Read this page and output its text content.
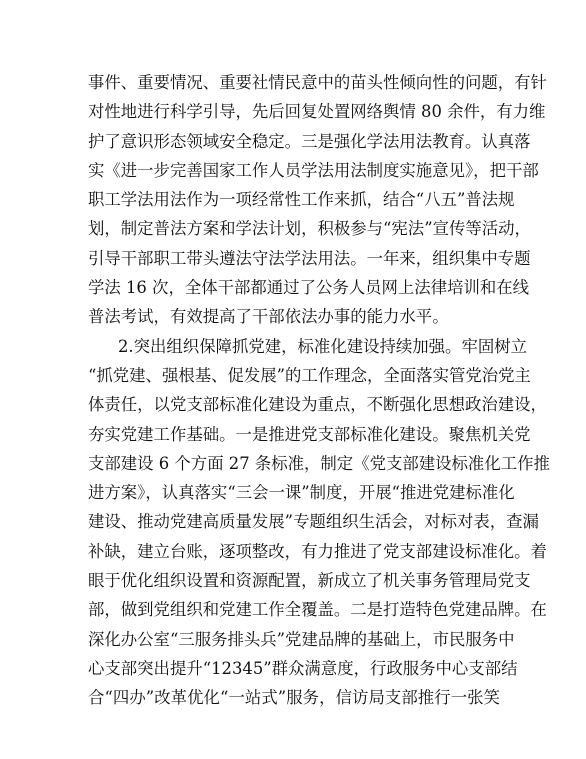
事件、重要情况、重要社情民意中的苗头性倾向性的问题，有针
对性地进行科学引导，先后回复处置网络舆情 80 余件，有力维
护了意识形态领域安全稳定。三是强化学法用法教育。认真落
实《进一步完善国家工作人员学法用法制度实施意见》，把干部
职工学法用法作为一项经常性工作来抓，结合“八五”普法规
划，制定普法方案和学法计划，积极参与“宪法”宣传等活动，
引导干部职工带头遵法守法学法用法。一年来，组织集中专题
学法 16 次，全体干部都通过了公务人员网上法律培训和在线
普法考试，有效提高了干部依法办事的能力水平。
2.突出组织保障抓党建，标准化建设持续加强。牢固树立
“抓党建、强根基、促发展”的工作理念，全面落实管党治党主
体责任，以党支部标准化建设为重点，不断强化思想政治建设，
夯实党建工作基础。一是推进党支部标准化建设。聚焦机关党
支部建设 6 个方面 27 条标准，制定《党支部建设标准化工作推
进方案》，认真落实“三会一课”制度，开展“推进党建标准化
建设、推动党建高质量发展”专题组织生活会，对标对表，查漏
补缺，建立台账，逐项整改，有力推进了党支部建设标准化。着
眼于优化组织设置和资源配置，新成立了机关事务管理局党支
部，做到党组织和党建工作全覆盖。二是打造特色党建品牌。在
深化办公室“三服务排头兵”党建品牌的基础上，市民服务中
心支部突出提升“12345”群众满意度，行政服务中心支部结
合“四办”改革优化“一站式”服务，信访局支部推行一张笑
